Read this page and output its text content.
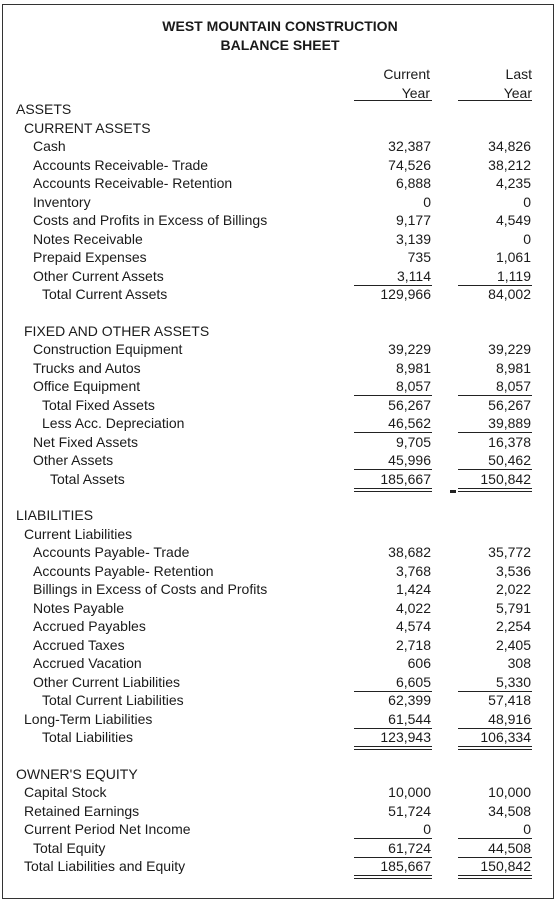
WEST MOUNTAIN CONSTRUCTION
BALANCE SHEET
Current
Year
Last
Year
ASSETS
CURRENT ASSETS
Cash	32,387	34,826
Accounts Receivable- Trade	74,526	38,212
Accounts Receivable- Retention	6,888	4,235
Inventory	0	0
Costs and Profits in Excess of Billings	9,177	4,549
Notes Receivable	3,139	0
Prepaid Expenses	735	1,061
Other Current Assets	3,114	1,119
Total Current Assets	129,966	84,002
FIXED AND OTHER ASSETS
Construction Equipment	39,229	39,229
Trucks and Autos	8,981	8,981
Office Equipment	8,057	8,057
Total Fixed Assets	56,267	56,267
Less Acc. Depreciation	46,562	39,889
Net Fixed Assets	9,705	16,378
Other Assets	45,996	50,462
Total Assets	185,667	150,842
LIABILITIES
Current Liabilities
Accounts Payable- Trade	38,682	35,772
Accounts Payable- Retention	3,768	3,536
Billings in Excess of Costs and Profits	1,424	2,022
Notes Payable	4,022	5,791
Accrued Payables	4,574	2,254
Accrued Taxes	2,718	2,405
Accrued Vacation	606	308
Other Current Liabilities	6,605	5,330
Total Current Liabilities	62,399	57,418
Long-Term Liabilities	61,544	48,916
Total Liabilities	123,943	106,334
OWNER'S EQUITY
Capital Stock	10,000	10,000
Retained Earnings	51,724	34,508
Current Period Net Income	0	0
Total Equity	61,724	44,508
Total Liabilities and Equity	185,667	150,842
